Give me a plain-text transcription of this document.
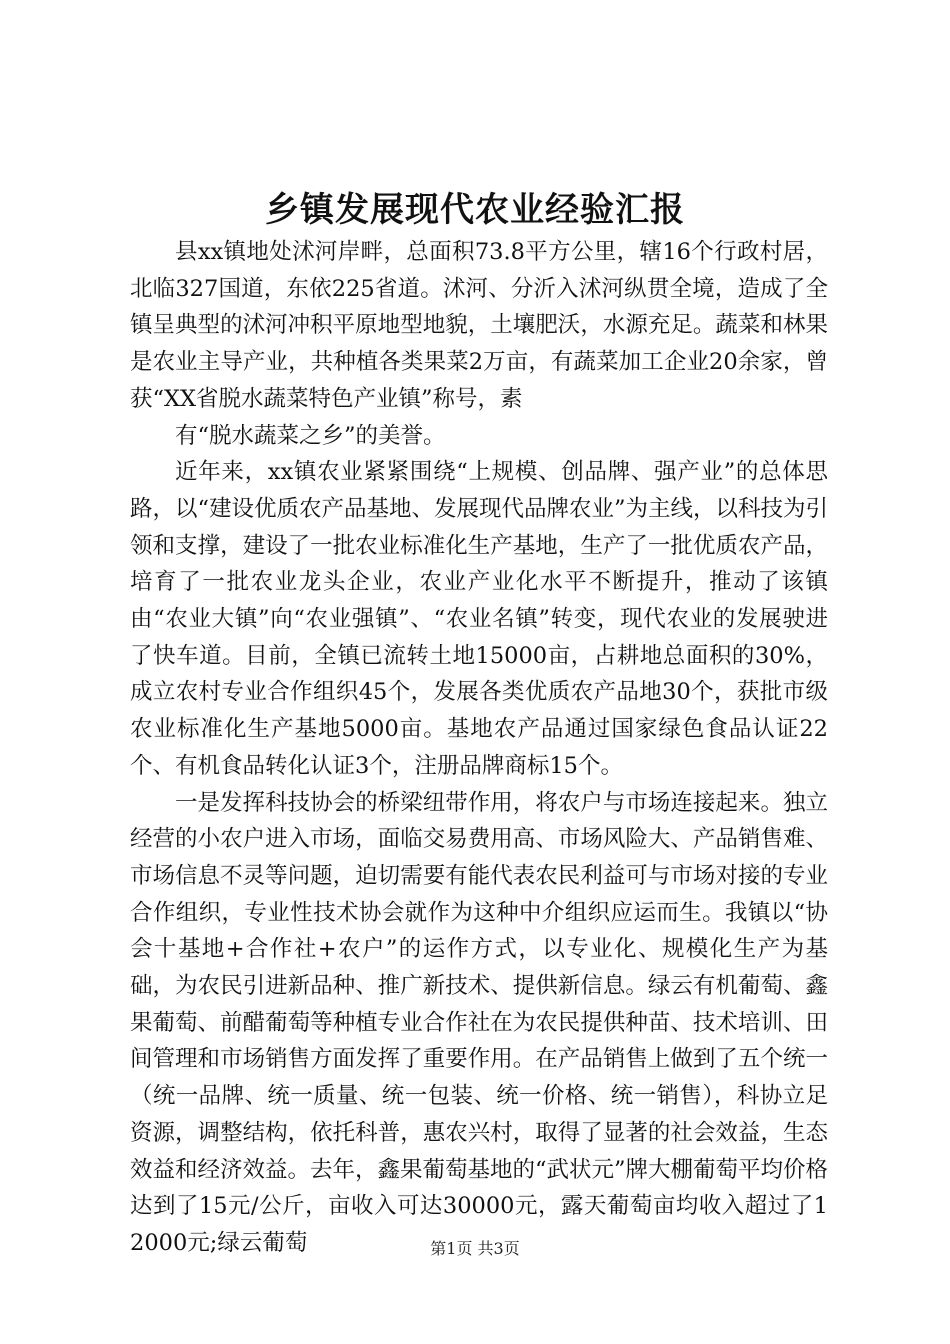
乡镇发展现代农业经验汇报

县xx镇地处沭河岸畔，总面积73.8平方公里，辖16个行政村居，北临327国道，东依225省道。沭河、分沂入沭河纵贯全境，造成了全镇呈典型的沭河冲积平原地型地貌，土壤肥沃，水源充足。蔬菜和林果是农业主导产业，共种植各类果菜2万亩，有蔬菜加工企业20余家，曾获“XX省脱水蔬菜特色产业镇”称号，素

有“脱水蔬菜之乡”的美誉。

近年来，xx镇农业紧紧围绕“上规模、创品牌、强产业”的总体思路，以“建设优质农产品基地、发展现代品牌农业”为主线，以科技为引领和支撑，建设了一批农业标准化生产基地，生产了一批优质农产品，培育了一批农业龙头企业，农业产业化水平不断提升，推动了该镇由“农业大镇”向“农业强镇”、“农业名镇”转变，现代农业的发展驶进了快车道。目前，全镇已流转土地15000亩，占耕地总面积的30%，成立农村专业合作组织45个，发展各类优质农产品地30个，获批市级农业标准化生产基地5000亩。基地农产品通过国家绿色食品认证22个、有机食品转化认证3个，注册品牌商标15个。

一是发挥科技协会的桥梁纽带作用，将农户与市场连接起来。独立经营的小农户进入市场，面临交易费用高、市场风险大、产品销售难、市场信息不灵等问题，迫切需要有能代表农民利益可与市场对接的专业合作组织，专业性技术协会就作为这种中介组织应运而生。我镇以“协会十基地+合作社+农户”的运作方式，以专业化、规模化生产为基础，为农民引进新品种、推广新技术、提供新信息。绿云有机葡萄、鑫果葡萄、前醋葡萄等种植专业合作社在为农民提供种苗、技术培训、田间管理和市场销售方面发挥了重要作用。在产品销售上做到了五个统一（统一品牌、统一质量、统一包装、统一价格、统一销售），科协立足资源，调整结构，依托科普，惠农兴村，取得了显著的社会效益，生态效益和经济效益。去年，鑫果葡萄基地的“武状元”牌大棚葡萄平均价格达到了15元/公斤，亩收入可达30000元，露天葡萄亩均收入超过了12000元;绿云葡萄	第1页 共3页
